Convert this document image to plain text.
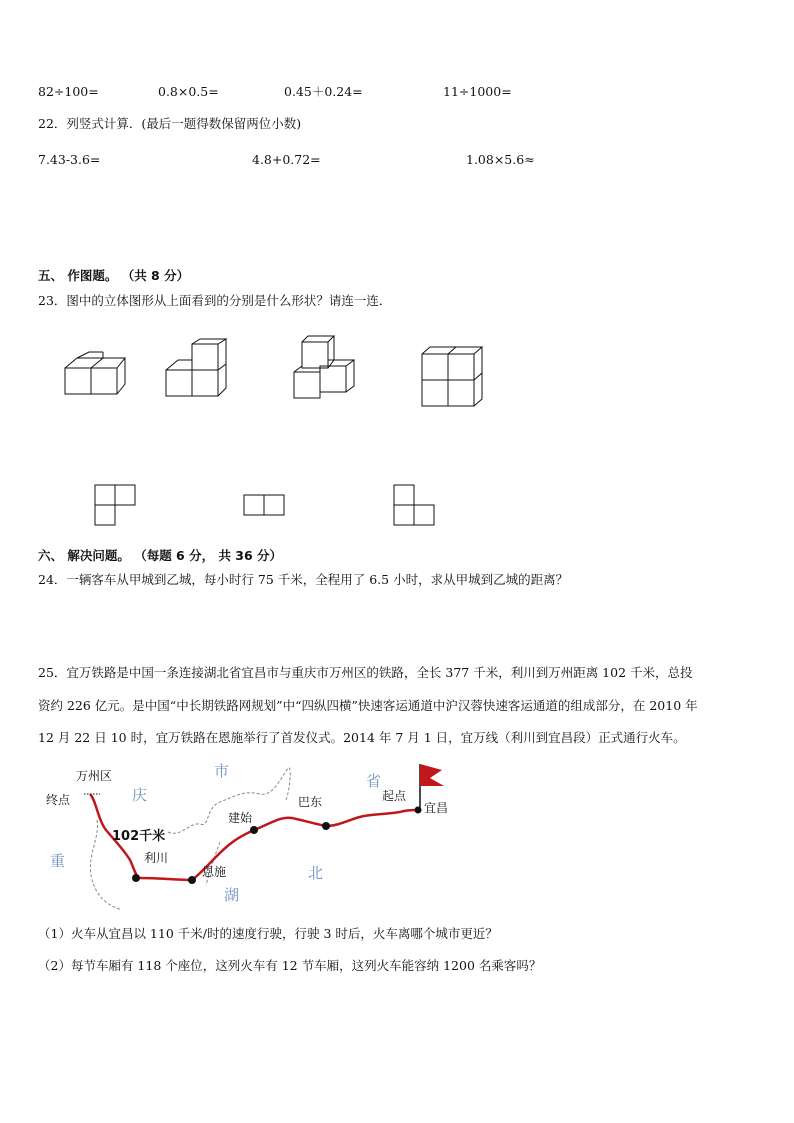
82÷100=	0.8×0.5=	0.45＋0.24=	11÷1000=
22．列竖式计算．(最后一题得数保留两位小数)
7.43-3.6=	4.8+0.72=	1.08×5.6≈
五、 作图题。 （共 8 分）
23．图中的立体图形从上面看到的分别是什么形状？请连一连．
六、 解决问题。 （每题 6 分， 共 36 分）
24．一辆客车从甲城到乙城，每小时行 75 千米，全程用了 6.5 小时，求从甲城到乙城的距离？
25．宜万铁路是中国一条连接湖北省宜昌市与重庆市万州区的铁路，全长 377 千米，利川到万州距离 102 千米，总投
资约 226 亿元。是中国“中长期铁路网规划”中“四纵四横”快速客运通道中沪汉蓉快速客运通道的组成部分，在 2010 年
12 月 22 日 10 时，宜万铁路在恩施举行了首发仪式。2014 年 7 月 1 日，宜万线（利川到宜昌段）正式通行火车。
万州区
终点	庆
市
省
起点
宜昌
102千米
建始
巴东
利川
恩施
湖
北
重
（1）火车从宜昌以 110 千米/时的速度行驶，行驶 3 时后，火车离哪个城市更近？
（2）每节车厢有 118 个座位，这列火车有 12 节车厢，这列火车能容纳 1200 名乘客吗？
